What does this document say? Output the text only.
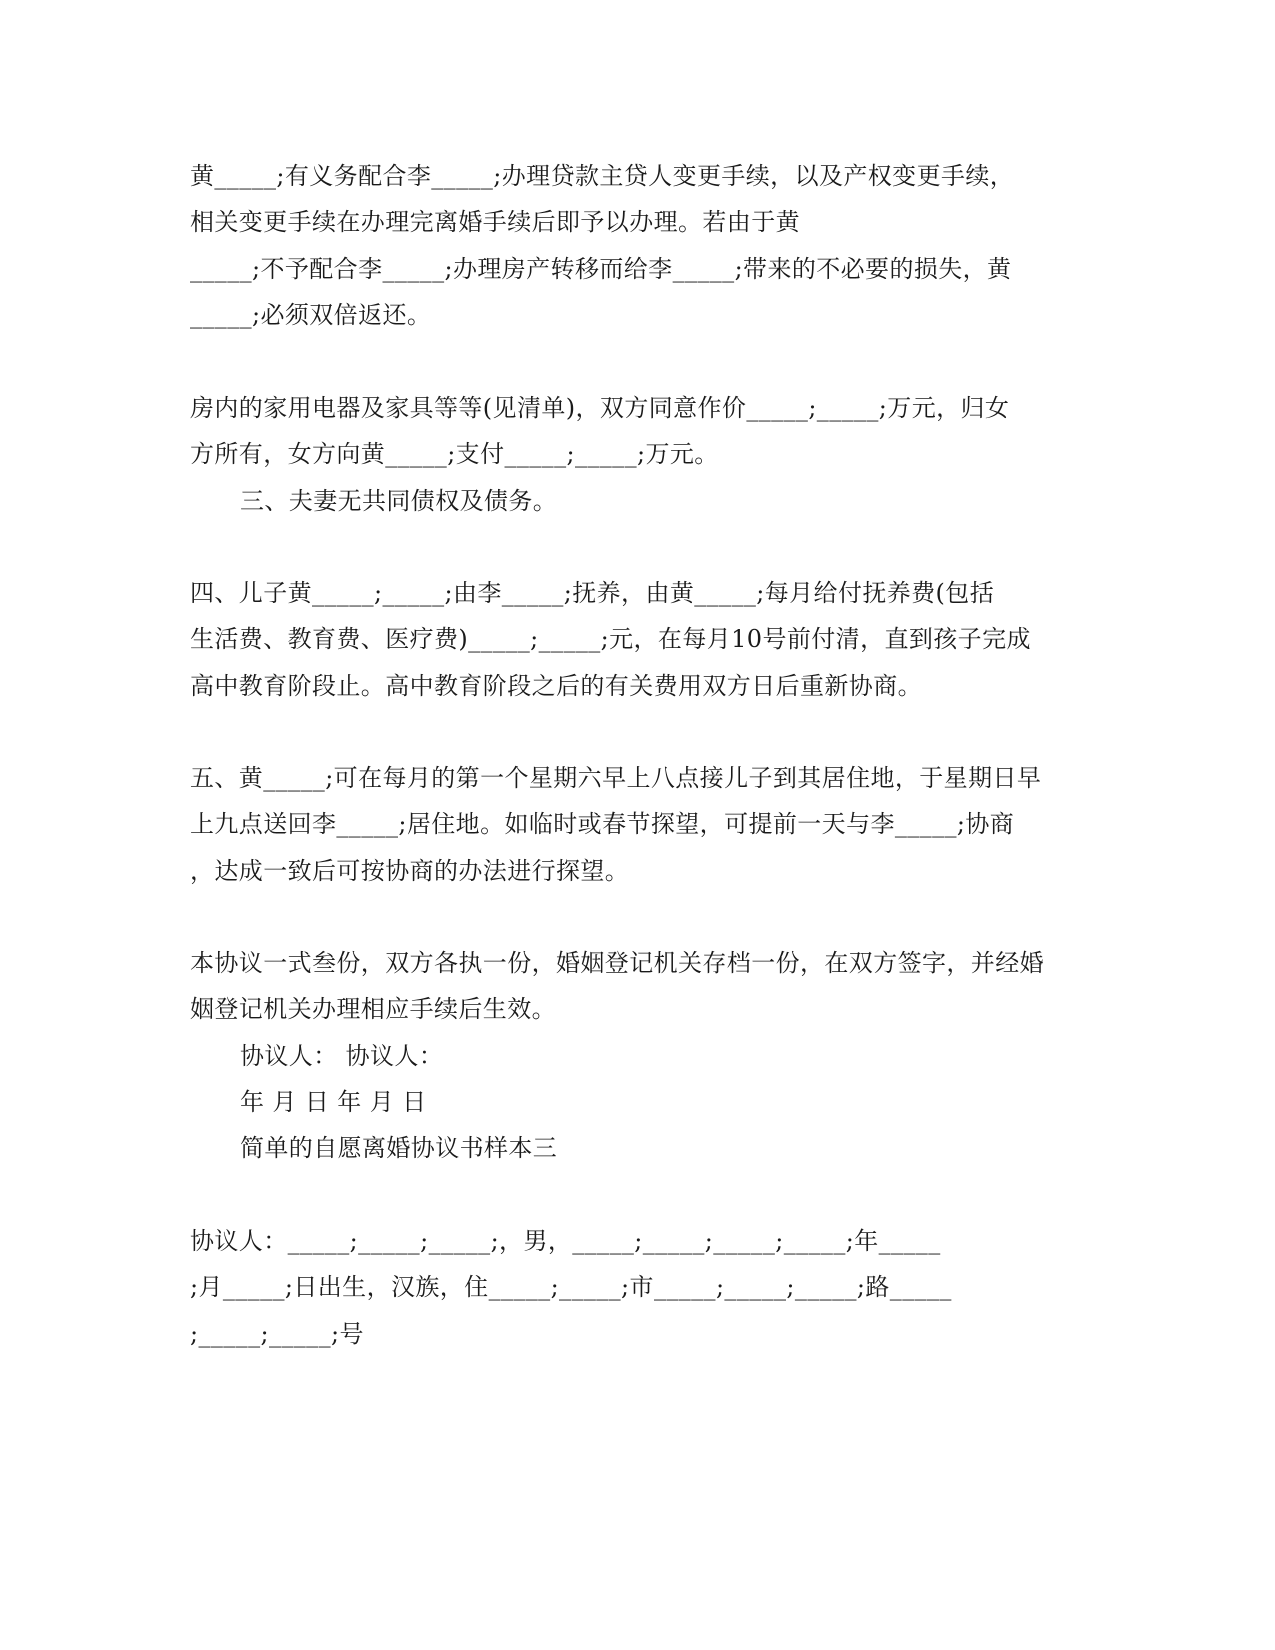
黄_____;有义务配合李_____;办理贷款主贷人变更手续，以及产权变更手续，
相关变更手续在办理完离婚手续后即予以办理。若由于黄
_____;不予配合李_____;办理房产转移而给李_____;带来的不必要的损失，黄
_____;必须双倍返还。
房内的家用电器及家具等等(见清单)，双方同意作价_____;_____;万元，归女
方所有，女方向黄_____;支付_____;_____;万元。
三、夫妻无共同债权及债务。
四、儿子黄_____;_____;由李_____;抚养，由黄_____;每月给付抚养费(包括
生活费、教育费、医疗费)_____;_____;元，在每月10号前付清，直到孩子完成
高中教育阶段止。高中教育阶段之后的有关费用双方日后重新协商。
五、黄_____;可在每月的第一个星期六早上八点接儿子到其居住地，于星期日早
上九点送回李_____;居住地。如临时或春节探望，可提前一天与李_____;协商
，达成一致后可按协商的办法进行探望。
本协议一式叁份，双方各执一份，婚姻登记机关存档一份，在双方签字，并经婚
姻登记机关办理相应手续后生效。
协议人： 协议人：
年 月 日 年 月 日
简单的自愿离婚协议书样本三
协议人：_____;_____;_____;，男，_____;_____;_____;_____;年_____
;月_____;日出生，汉族，住_____;_____;市_____;_____;_____;路_____
;_____;_____;号
